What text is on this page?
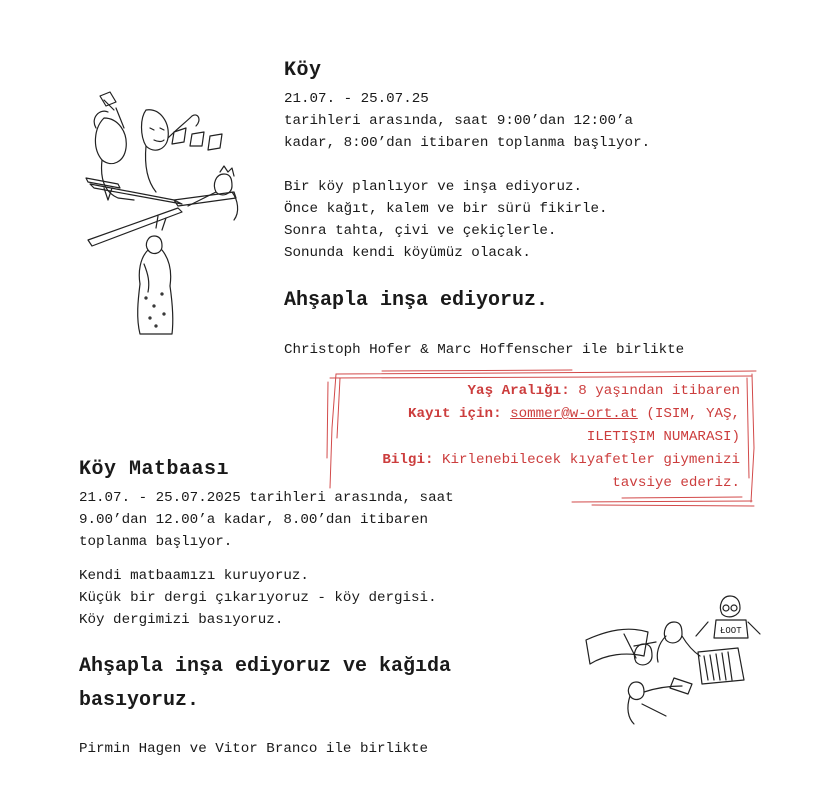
Köy
21.07. - 25.07.25
tarihleri arasında, saat 9:00’dan 12:00’a
kadar, 8:00’dan itibaren toplanma başlıyor.
Bir köy planlıyor ve inşa ediyoruz.
Önce kağıt, kalem ve bir sürü fikirle.
Sonra tahta, çivi ve çekiçlerle.
Sonunda kendi köyümüz olacak.
Ahşapla inşa ediyoruz.
Christoph Hofer & Marc Hoffenscher ile birlikte
Yaş Aralığı: 8 yaşından itibaren
Kayıt için: sommer@w-ort.at (ISIM, YAŞ,
ILETIŞIM NUMARASI)
Bilgi: Kirlenebilecek kıyafetler giymenizi
tavsiye ederiz.
Köy Matbaası
21.07. - 25.07.2025 tarihleri arasında, saat
9.00’dan 12.00’a kadar, 8.00’dan itibaren
toplanma başlıyor.
Kendi matbaamızı kuruyoruz.
Küçük bir dergi çıkarıyoruz - köy dergisi.
Köy dergimizi basıyoruz.
Ahşapla inşa ediyoruz ve kağıda
basıyoruz.
Pirmin Hagen ve Vitor Branco ile birlikte
ŁOOT
